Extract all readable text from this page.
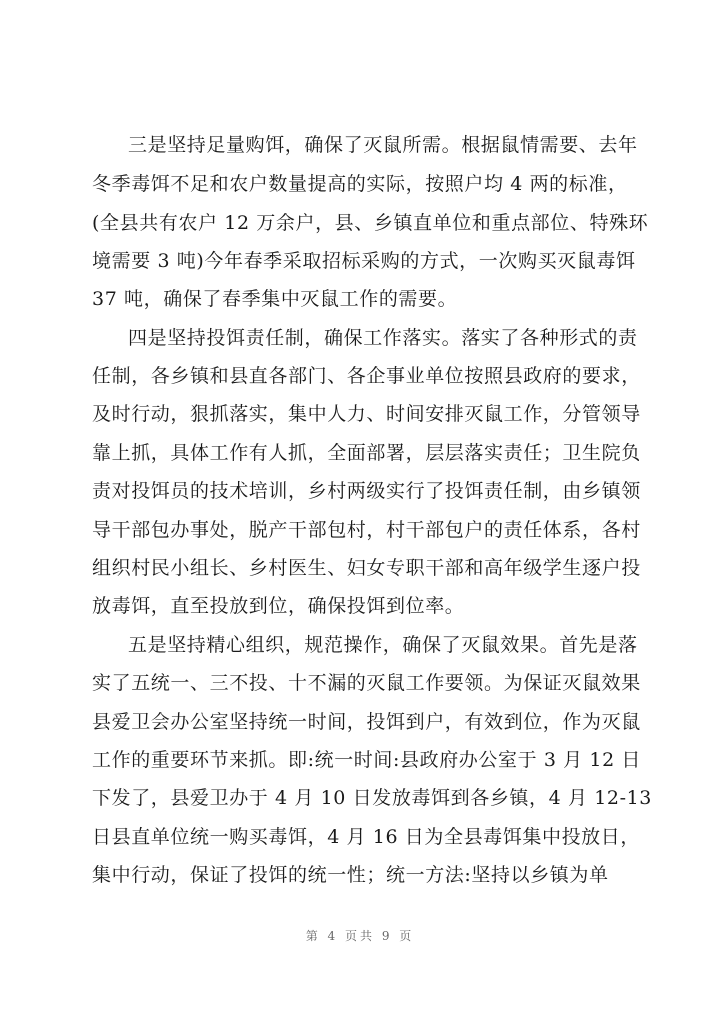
三是坚持足量购饵，确保了灭鼠所需。根据鼠情需要、去年
冬季毒饵不足和农户数量提高的实际，按照户均 4 两的标准，
(全县共有农户 12 万余户，县、乡镇直单位和重点部位、特殊环
境需要 3 吨)今年春季采取招标采购的方式，一次购买灭鼠毒饵
37 吨，确保了春季集中灭鼠工作的需要。
四是坚持投饵责任制，确保工作落实。落实了各种形式的责
任制，各乡镇和县直各部门、各企事业单位按照县政府的要求，
及时行动，狠抓落实，集中人力、时间安排灭鼠工作，分管领导
靠上抓，具体工作有人抓，全面部署，层层落实责任；卫生院负
责对投饵员的技术培训，乡村两级实行了投饵责任制，由乡镇领
导干部包办事处，脱产干部包村，村干部包户的责任体系，各村
组织村民小组长、乡村医生、妇女专职干部和高年级学生逐户投
放毒饵，直至投放到位，确保投饵到位率。
五是坚持精心组织，规范操作，确保了灭鼠效果。首先是落
实了五统一、三不投、十不漏的灭鼠工作要领。为保证灭鼠效果
县爱卫会办公室坚持统一时间，投饵到户，有效到位，作为灭鼠
工作的重要环节来抓。即:统一时间:县政府办公室于 3 月 12 日
下发了，县爱卫办于 4 月 10 日发放毒饵到各乡镇，4 月 12-13
日县直单位统一购买毒饵，4 月 16 日为全县毒饵集中投放日，
集中行动，保证了投饵的统一性；统一方法:坚持以乡镇为单
第 4 页共 9 页
